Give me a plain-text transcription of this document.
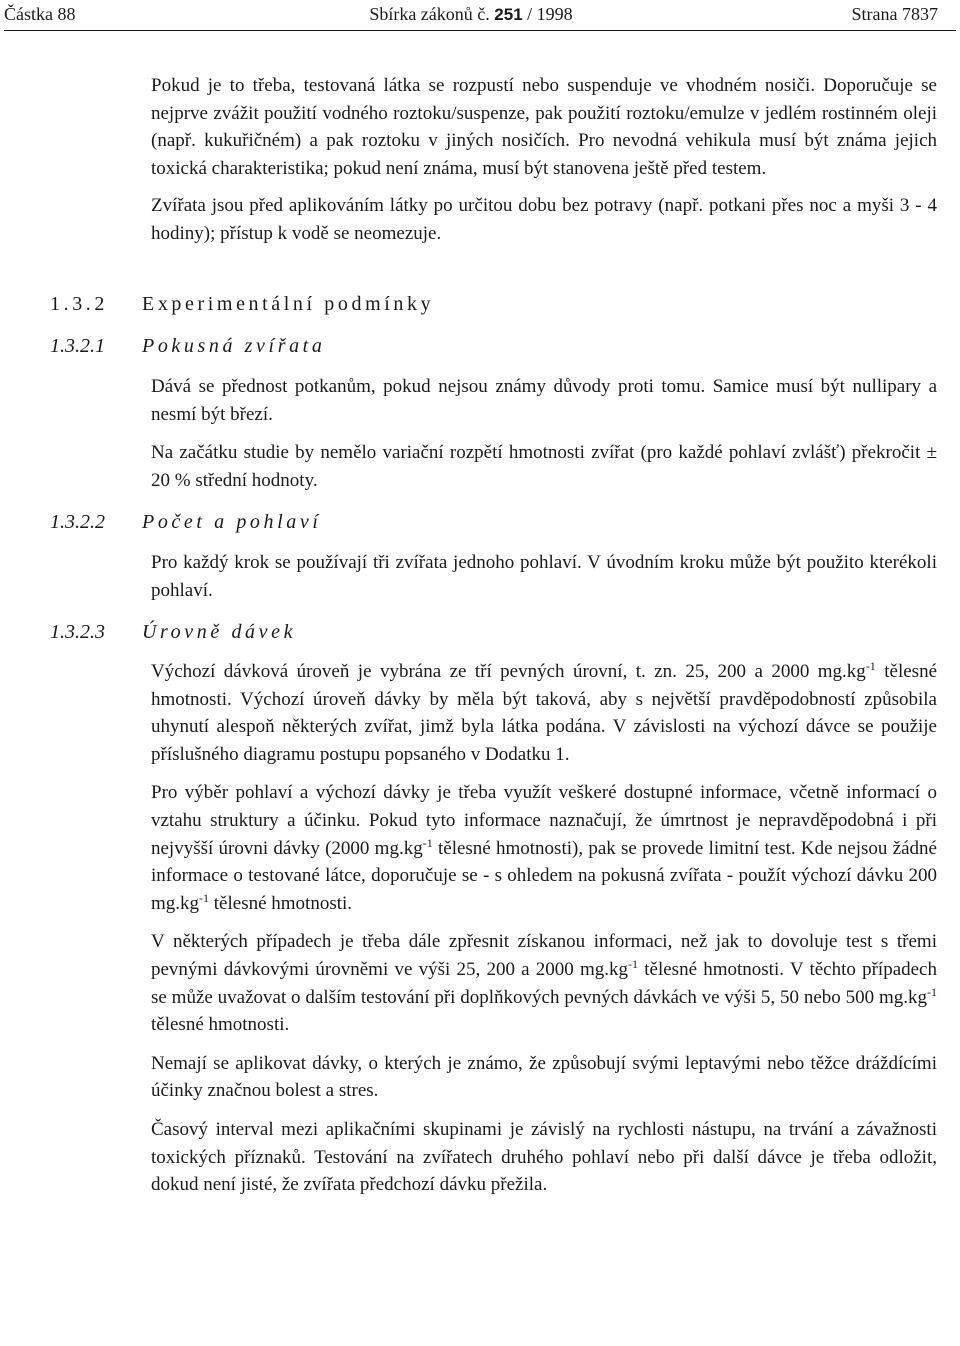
Částka 88	Sbírka zákonů č. 251 / 1998	Strana 7837

Pokud je to třeba, testovaná látka se rozpustí nebo suspenduje ve vhodném nosiči. Doporučuje se nejprve zvážit použití vodného roztoku/suspenze, pak použití roztoku/emulze v jedlém rostinném oleji (např. kukuřičném) a pak roztoku v jiných nosičích. Pro nevodná vehikula musí být známa jejich toxická charakteristika; pokud není známa, musí být stanovena ještě před testem.

Zvířata jsou před aplikováním látky po určitou dobu bez potravy (např. potkani přes noc a myši 3 - 4 hodiny); přístup k vodě se neomezuje.

1.3.2 Experimentální podmínky
1.3.2.1 Pokusná zvířata

Dává se přednost potkanům, pokud nejsou známy důvody proti tomu. Samice musí být nullipary a nesmí být březí.

Na začátku studie by nemělo variační rozpětí hmotnosti zvířat (pro každé pohlaví zvlášť) překročit ± 20 % střední hodnoty.

1.3.2.2 Počet a pohlaví

Pro každý krok se používají tři zvířata jednoho pohlaví. V úvodním kroku může být použito kterékoli pohlaví.

1.3.2.3 Úrovně dávek

Výchozí dávková úroveň je vybrána ze tří pevných úrovní, t. zn. 25, 200 a 2000 $mg.kg^{-1}$ tělesné hmotnosti. Výchozí úroveň dávky by měla být taková, aby s největší pravděpodobností způsobila uhynutí alespoň některých zvířat, jimž byla látka podána. V závislosti na výchozí dávce se použije příslušného diagramu postupu popsaného v Dodatku 1.

Pro výběr pohlaví a výchozí dávky je třeba využít veškeré dostupné informace, včetně informací o vztahu struktury a účinku. Pokud tyto informace naznačují, že úmrtnost je nepravděpodobná i při nejvyšší úrovni dávky (2000 $mg.kg^{-1}$ tělesné hmotnosti), pak se provede limitní test. Kde nejsou žádné informace o testované látce, doporučuje se - s ohledem na pokusná zvířata - použít výchozí dávku 200 $mg.kg^{-1}$ tělesné hmotnosti.

V některých případech je třeba dále zpřesnit získanou informaci, než jak to dovoluje test s třemi pevnými dávkovými úrovněmi ve výši 25, 200 a 2000 $mg.kg^{-1}$ tělesné hmotnosti. V těchto případech se může uvažovat o dalším testování při doplňkových pevných dávkách ve výši 5, 50 nebo 500 $mg.kg^{-1}$ tělesné hmotnosti.

Nemají se aplikovat dávky, o kterých je známo, že způsobují svými leptavými nebo těžce dráždícími účinky značnou bolest a stres.

Časový interval mezi aplikačními skupinami je závislý na rychlosti nástupu, na trvání a závažnosti toxických příznaků. Testování na zvířatech druhého pohlaví nebo při další dávce je třeba odložit, dokud není jisté, že zvířata předchozí dávku přežila.
